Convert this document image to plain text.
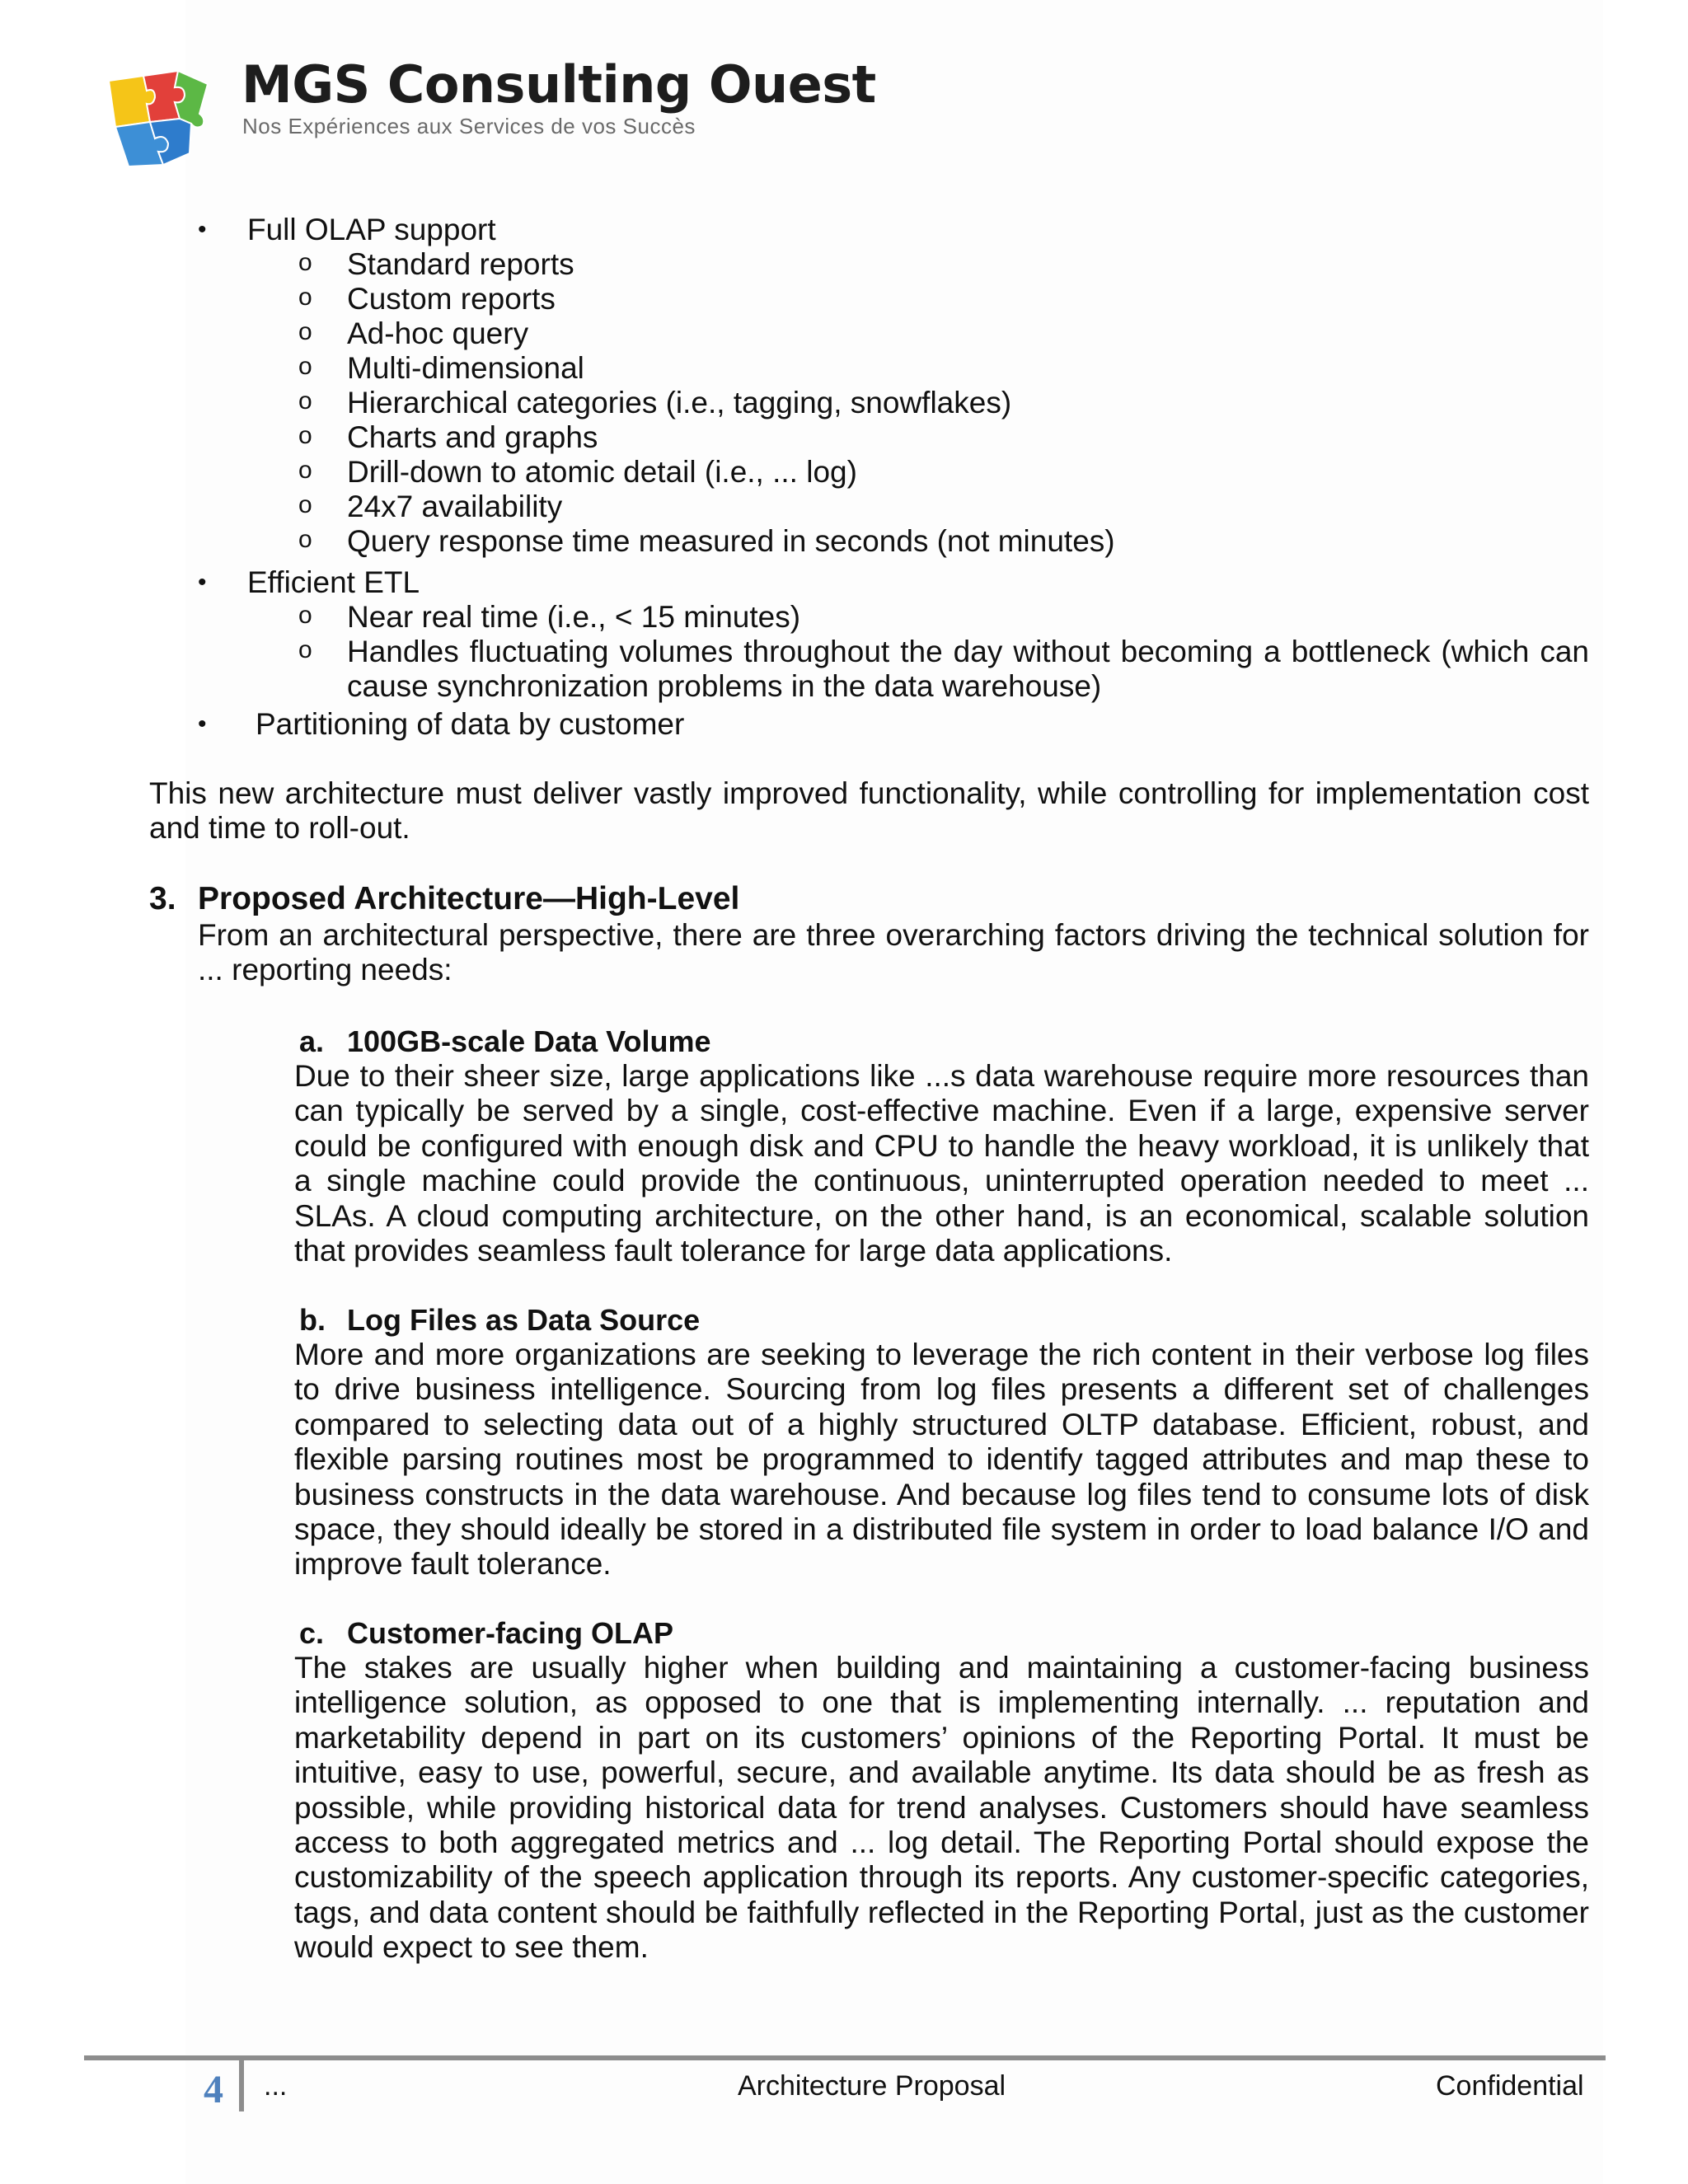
MGS Consulting Ouest
Nos Expériences aux Services de vos Succès
• Full OLAP support
o Standard reports
o Custom reports
o Ad-hoc query
o Multi-dimensional
o Hierarchical categories (i.e., tagging, snowflakes)
o Charts and graphs
o Drill-down to atomic detail (i.e., ... log)
o 24x7 availability
o Query response time measured in seconds (not minutes)
• Efficient ETL
o Near real time (i.e., < 15 minutes)
o Handles fluctuating volumes throughout the day without becoming a bottleneck (which can cause synchronization problems in the data warehouse)
• Partitioning of data by customer
This new architecture must deliver vastly improved functionality, while controlling for implementation cost and time to roll-out.
3. Proposed Architecture—High-Level
From an architectural perspective, there are three overarching factors driving the technical solution for ... reporting needs:
a. 100GB-scale Data Volume
Due to their sheer size, large applications like ...s data warehouse require more resources than can typically be served by a single, cost-effective machine. Even if a large, expensive server could be configured with enough disk and CPU to handle the heavy workload, it is unlikely that a single machine could provide the continuous, uninterrupted operation needed to meet ... SLAs. A cloud computing architecture, on the other hand, is an economical, scalable solution that provides seamless fault tolerance for large data applications.
b. Log Files as Data Source
More and more organizations are seeking to leverage the rich content in their verbose log files to drive business intelligence. Sourcing from log files presents a different set of challenges compared to selecting data out of a highly structured OLTP database. Efficient, robust, and flexible parsing routines most be programmed to identify tagged attributes and map these to business constructs in the data warehouse. And because log files tend to consume lots of disk space, they should ideally be stored in a distributed file system in order to load balance I/O and improve fault tolerance.
c. Customer-facing OLAP
The stakes are usually higher when building and maintaining a customer-facing business intelligence solution, as opposed to one that is implementing internally. ... reputation and marketability depend in part on its customers’ opinions of the Reporting Portal. It must be intuitive, easy to use, powerful, secure, and available anytime. Its data should be as fresh as possible, while providing historical data for trend analyses. Customers should have seamless access to both aggregated metrics and ... log detail. The Reporting Portal should expose the customizability of the speech application through its reports. Any customer-specific categories, tags, and data content should be faithfully reflected in the Reporting Portal, just as the customer would expect to see them.
4 ...	Architecture Proposal	Confidential
